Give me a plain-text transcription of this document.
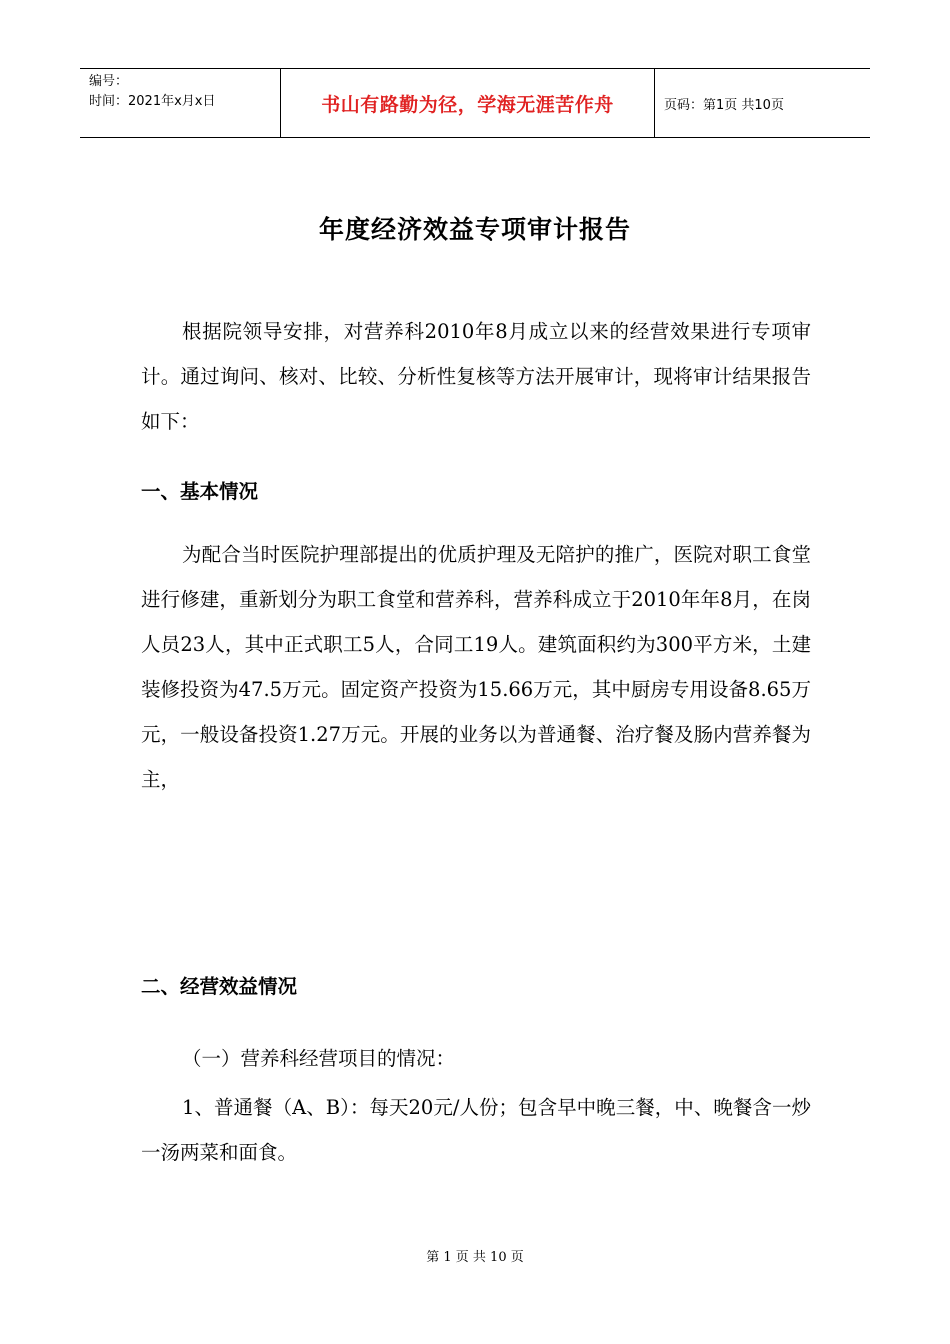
编号：
时间：2021年x月x日	书山有路勤为径，学海无涯苦作舟	页码：第1页 共10页
年度经济效益专项审计报告

根据院领导安排，对营养科2010年8月成立以来的经营效果进行专项审计。通过询问、核对、比较、分析性复核等方法开展审计，现将审计结果报告如下：

一、基本情况

为配合当时医院护理部提出的优质护理及无陪护的推广，医院对职工食堂进行修建，重新划分为职工食堂和营养科，营养科成立于2010年年8月，在岗人员23人，其中正式职工5人，合同工19人。建筑面积约为300平方米，土建装修投资为47.5万元。固定资产投资为15.66万元，其中厨房专用设备8.65万元，一般设备投资1.27万元。开展的业务以为普通餐、治疗餐及肠内营养餐为主，

二、经营效益情况

（一）营养科经营项目的情况：

1、普通餐（A、B）：每天20元/人份；包含早中晚三餐，中、晚餐含一炒一汤两菜和面食。

第 1 页 共 10 页
